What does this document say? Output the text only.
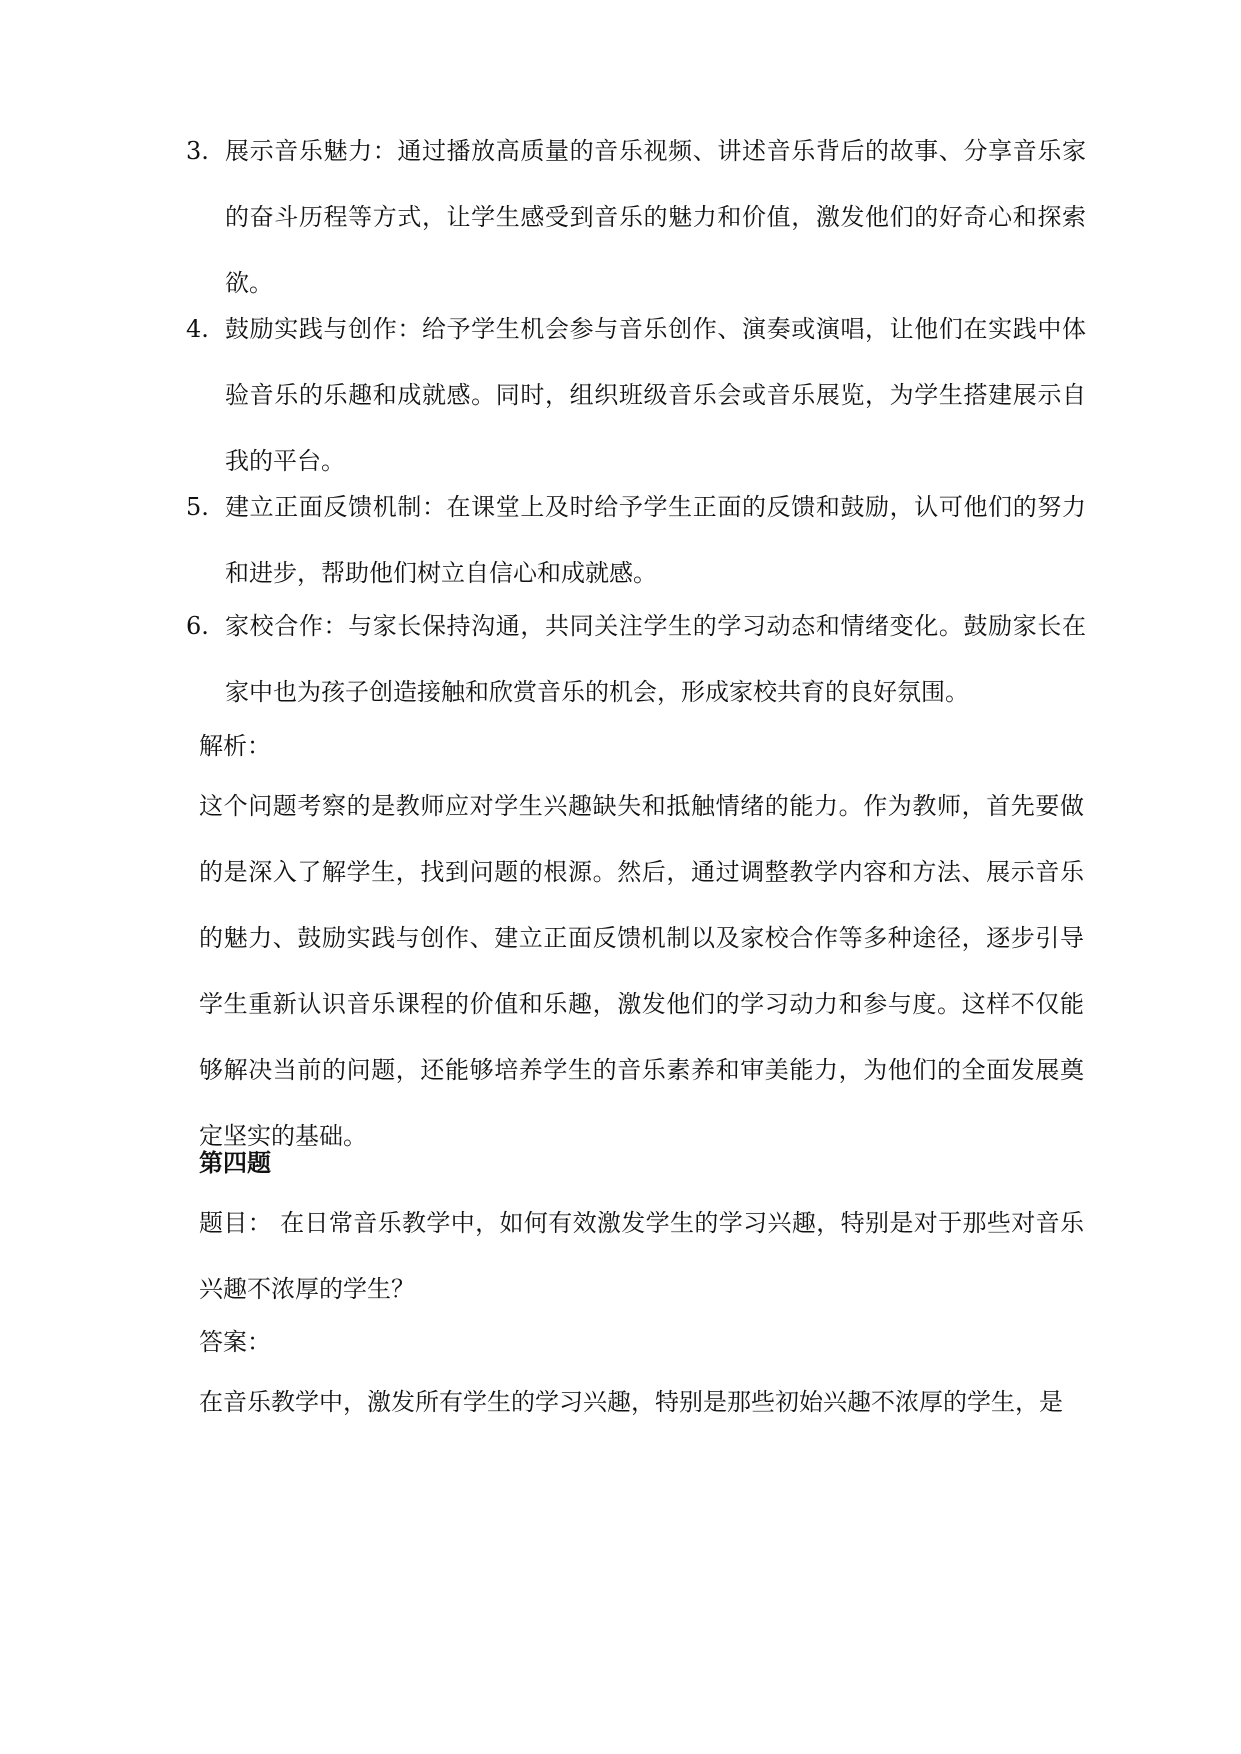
3. 展示音乐魅力：通过播放高质量的音乐视频、讲述音乐背后的故事、分享音乐家的奋斗历程等方式，让学生感受到音乐的魅力和价值，激发他们的好奇心和探索欲。
4. 鼓励实践与创作：给予学生机会参与音乐创作、演奏或演唱，让他们在实践中体验音乐的乐趣和成就感。同时，组织班级音乐会或音乐展览，为学生搭建展示自我的平台。
5. 建立正面反馈机制：在课堂上及时给予学生正面的反馈和鼓励，认可他们的努力和进步，帮助他们树立自信心和成就感。
6. 家校合作：与家长保持沟通，共同关注学生的学习动态和情绪变化。鼓励家长在家中也为孩子创造接触和欣赏音乐的机会，形成家校共育的良好氛围。
解析：
这个问题考察的是教师应对学生兴趣缺失和抵触情绪的能力。作为教师，首先要做的是深入了解学生，找到问题的根源。然后，通过调整教学内容和方法、展示音乐的魅力、鼓励实践与创作、建立正面反馈机制以及家校合作等多种途径，逐步引导学生重新认识音乐课程的价值和乐趣，激发他们的学习动力和参与度。这样不仅能够解决当前的问题，还能够培养学生的音乐素养和审美能力，为他们的全面发展奠定坚实的基础。
第四题
题目： 在日常音乐教学中，如何有效激发学生的学习兴趣，特别是对于那些对音乐兴趣不浓厚的学生？
答案：
在音乐教学中，激发所有学生的学习兴趣，特别是那些初始兴趣不浓厚的学生，是
